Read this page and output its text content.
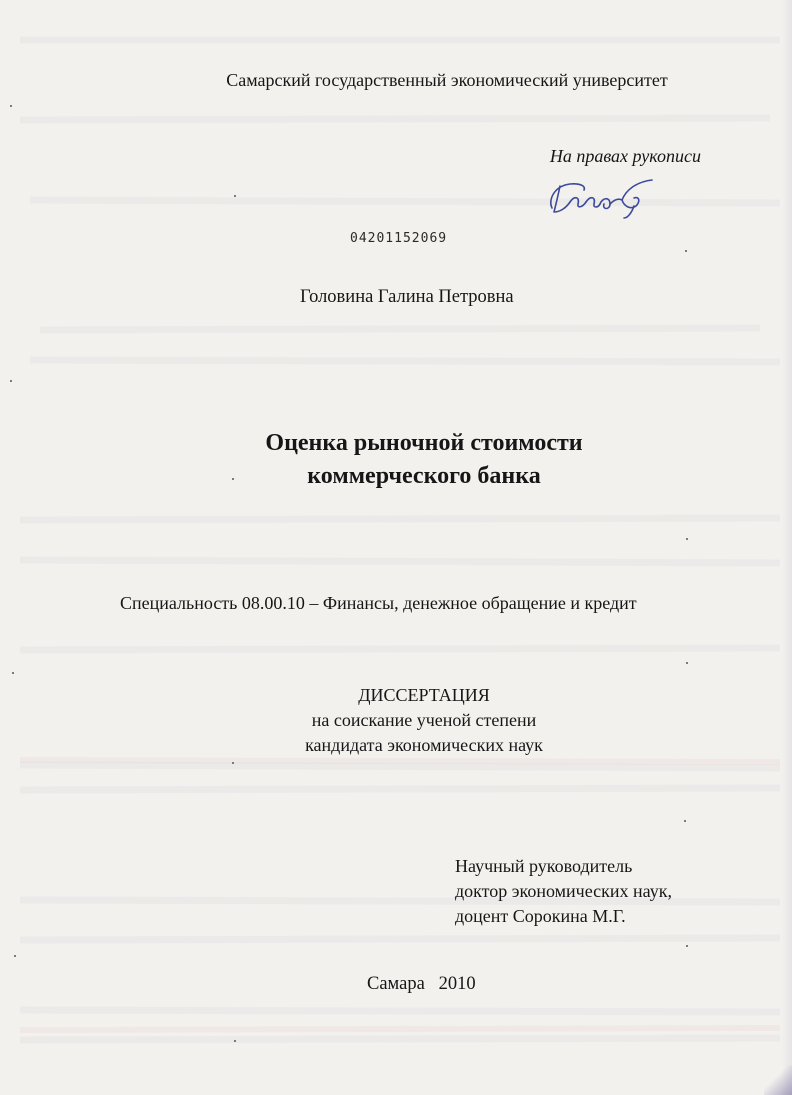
Самарский государственный экономический университет
На правах рукописи
04201152069
Головина Галина Петровна
Оценка рыночной стоимости
коммерческого банка
Специальность 08.00.10 – Финансы, денежное обращение и кредит
ДИССЕРТАЦИЯ
на соискание ученой степени
кандидата экономических наук
Научный руководитель
доктор экономических наук,
доцент Сорокина М.Г.
Самара   2010
